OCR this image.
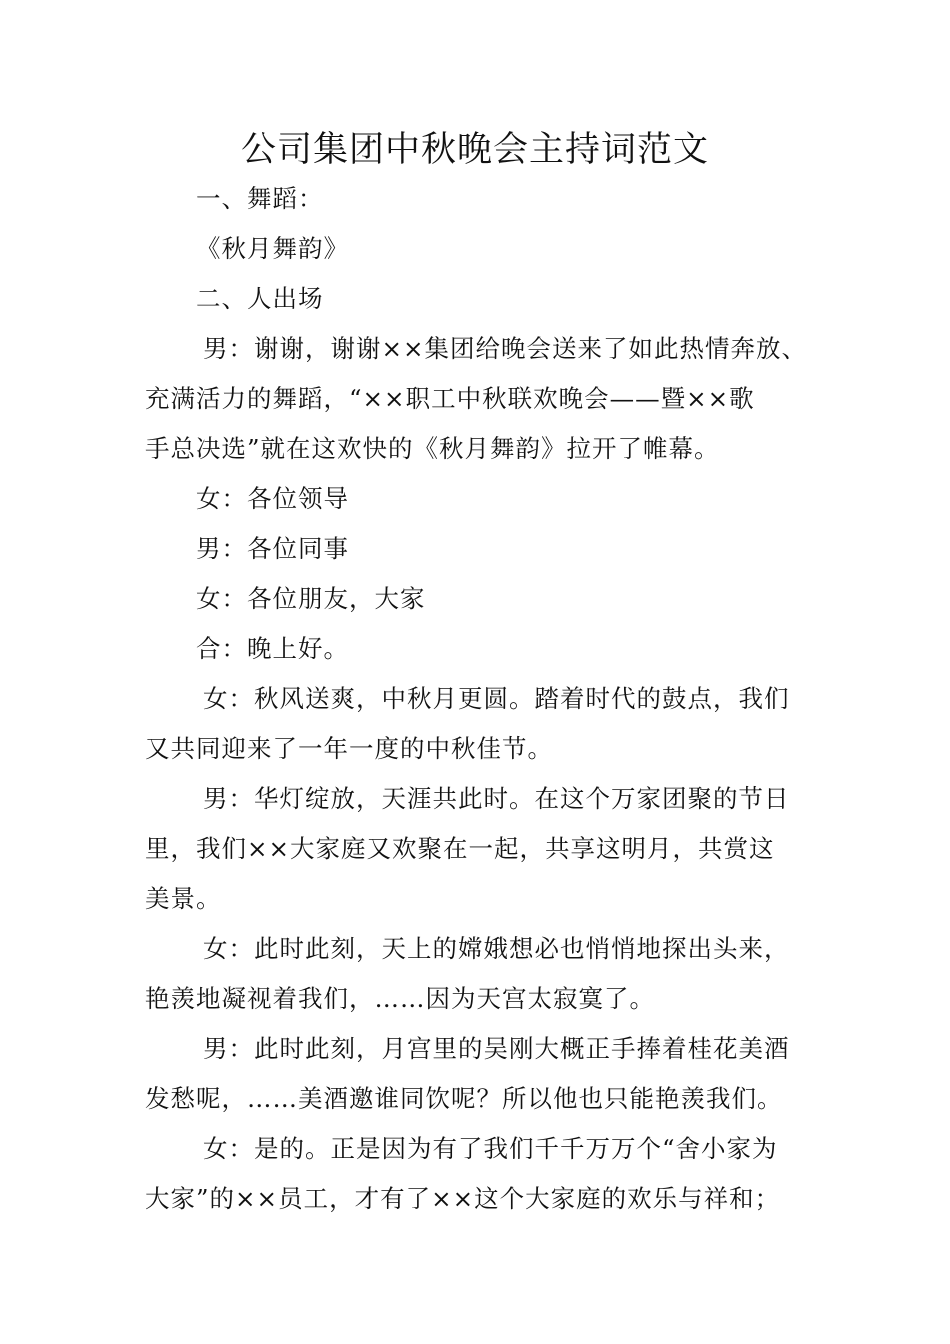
公司集团中秋晚会主持词范文
一、舞蹈：
《秋月舞韵》
二、人出场
男：谢谢，谢谢××集团给晚会送来了如此热情奔放、
充满活力的舞蹈，“××职工中秋联欢晚会——暨××歌
手总决选”就在这欢快的《秋月舞韵》拉开了帷幕。
女：各位领导
男：各位同事
女：各位朋友，大家
合：晚上好。
女：秋风送爽，中秋月更圆。踏着时代的鼓点，我们
又共同迎来了一年一度的中秋佳节。
男：华灯绽放，天涯共此时。在这个万家团聚的节日
里，我们××大家庭又欢聚在一起，共享这明月，共赏这
美景。
女：此时此刻，天上的嫦娥想必也悄悄地探出头来，
艳羡地凝视着我们，……因为天宫太寂寞了。
男：此时此刻，月宫里的吴刚大概正手捧着桂花美酒
发愁呢，……美酒邀谁同饮呢？所以他也只能艳羡我们。
女：是的。正是因为有了我们千千万万个“舍小家为
大家”的××员工，才有了××这个大家庭的欢乐与祥和；
